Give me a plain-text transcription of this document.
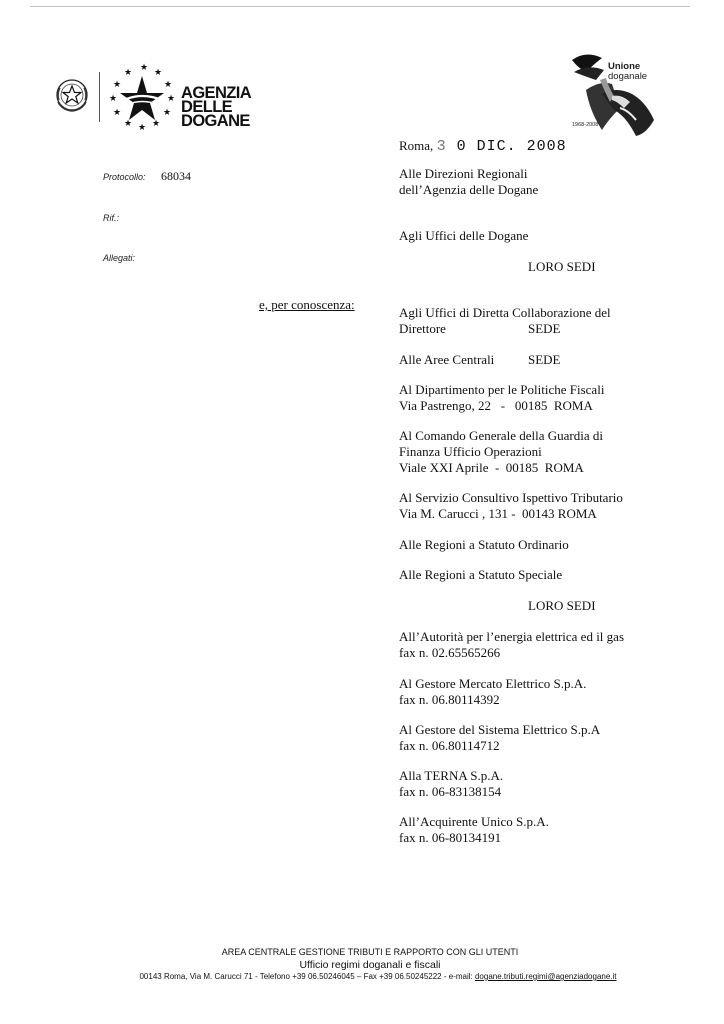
★ ★
★
★
★
★
★
★
★
★
★
★
AGENZIA
DELLE
DOGANE
Unione
doganale
1968-2008
Roma, 3 0 DIC. 2008
Protocollo: 68034
Rif.:
Allegati:
e, per conoscenza:
Alle Direzioni Regionali
dell’Agenzia delle Dogane
Agli Uffici delle Dogane
LORO SEDI
Agli Uffici di Diretta Collaborazione del
Direttore	SEDE
Alle Aree Centrali	SEDE
Al Dipartimento per le Politiche Fiscali
Via Pastrengo, 22   -   00185  ROMA
Al Comando Generale della Guardia di
Finanza Ufficio Operazioni
Viale XXI Aprile  -  00185  ROMA
Al Servizio Consultivo Ispettivo Tributario
Via M. Carucci , 131 -  00143 ROMA
Alle Regioni a Statuto Ordinario
Alle Regioni a Statuto Speciale
LORO SEDI
All’Autorità per l’energia elettrica ed il gas
fax n. 02.65565266
Al Gestore Mercato Elettrico S.p.A.
fax n. 06.80114392
Al Gestore del Sistema Elettrico S.p.A
fax n. 06.80114712
Alla TERNA S.p.A.
fax n. 06-83138154
All’Acquirente Unico S.p.A.
fax n. 06-80134191
AREA CENTRALE GESTIONE TRIBUTI E RAPPORTO CON GLI UTENTI
Ufficio regimi doganali e fiscali
00143 Roma, Via M. Carucci 71 - Telefono +39 06.50246045 – Fax +39 06.50245222 - e-mail: dogane.tributi.regimi@agenziadogane.it
